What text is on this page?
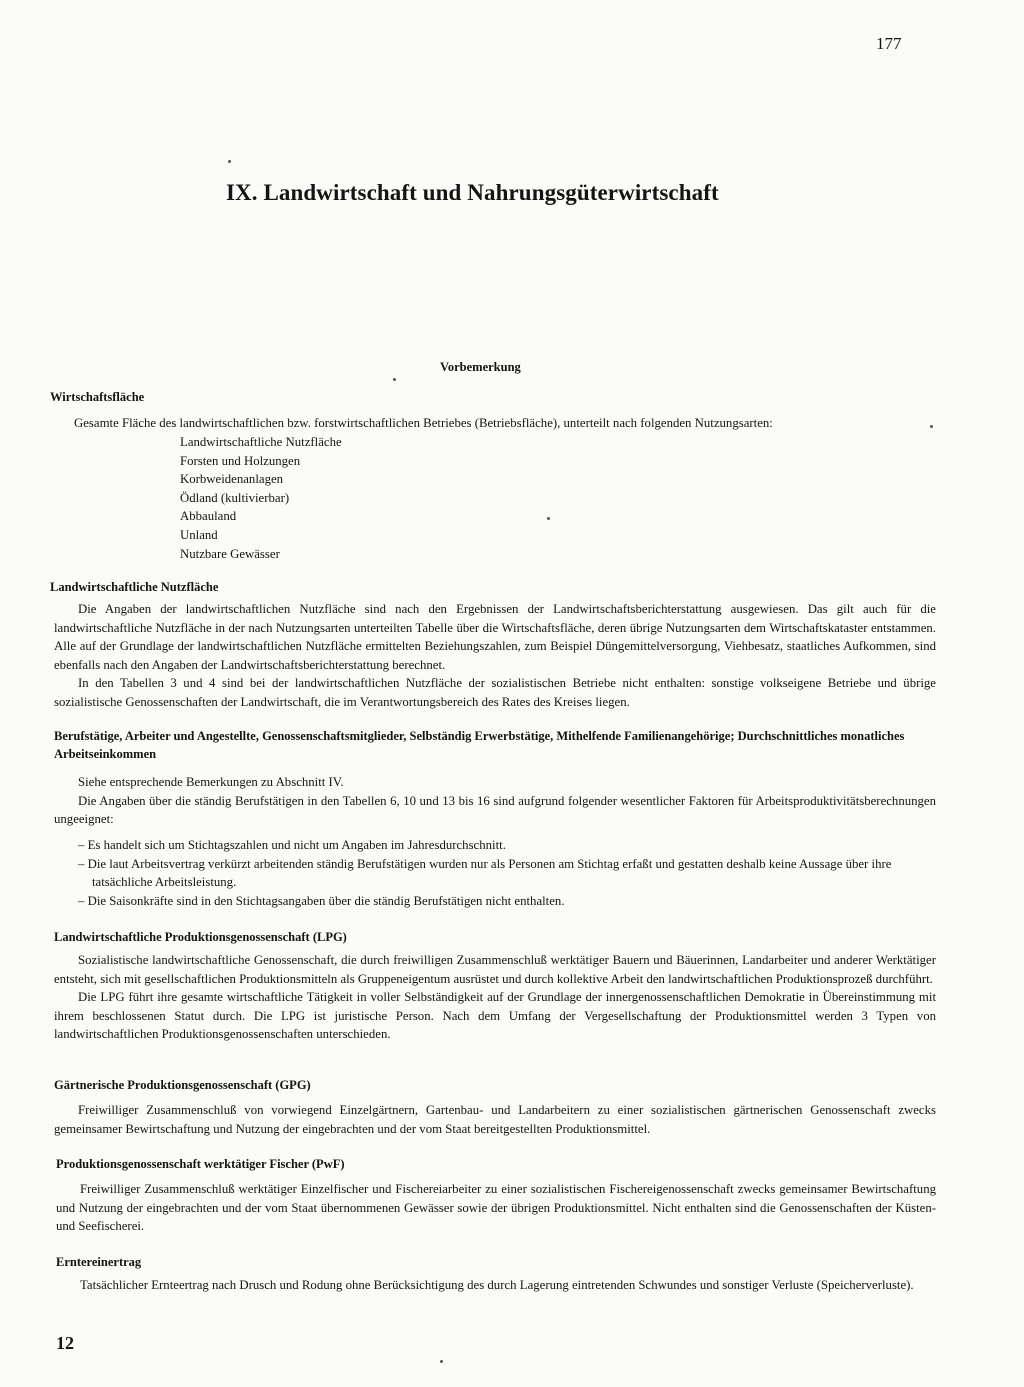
177
IX. Landwirtschaft und Nahrungsgüterwirtschaft
Vorbemerkung
Wirtschaftsfläche

Gesamte Fläche des landwirtschaftlichen bzw. forstwirtschaftlichen Betriebes (Betriebsfläche), unterteilt nach folgenden Nutzungsarten:

Landwirtschaftliche Nutzfläche
Forsten und Holzungen
Korbweidenanlagen
Ödland (kultivierbar)
Abbauland
Unland
Nutzbare Gewässer
Landwirtschaftliche Nutzfläche
Die Angaben der landwirtschaftlichen Nutzfläche sind nach den Ergebnissen der Landwirtschaftsberichterstattung ausgewiesen. Das gilt auch für die landwirtschaftliche Nutzfläche in der nach Nutzungsarten unterteilten Tabelle über die Wirtschaftsfläche, deren übrige Nutzungsarten dem Wirtschaftskataster entstammen. Alle auf der Grundlage der landwirtschaftlichen Nutzfläche ermittelten Beziehungszahlen, zum Beispiel Düngemittelversorgung, Viehbesatz, staatliches Aufkommen, sind ebenfalls nach den Angaben der Landwirtschaftsberichterstattung berechnet.
In den Tabellen 3 und 4 sind bei der landwirtschaftlichen Nutzfläche der sozialistischen Betriebe nicht enthalten: sonstige volkseigene Betriebe und übrige sozialistische Genossenschaften der Landwirtschaft, die im Verantwortungsbereich des Rates des Kreises liegen.
Berufstätige, Arbeiter und Angestellte, Genossenschaftsmitglieder, Selbständig Erwerbstätige, Mithelfende Familienangehörige; Durchschnittliches monatliches Arbeitseinkommen
Siehe entsprechende Bemerkungen zu Abschnitt IV.
Die Angaben über die ständig Berufstätigen in den Tabellen 6, 10 und 13 bis 16 sind aufgrund folgender wesentlicher Faktoren für Arbeitsproduktivitätsberechnungen ungeeignet:
– Es handelt sich um Stichtagszahlen und nicht um Angaben im Jahresdurchschnitt.
– Die laut Arbeitsvertrag verkürzt arbeitenden ständig Berufstätigen wurden nur als Personen am Stichtag erfaßt und gestatten deshalb keine Aussage über ihre tatsächliche Arbeitsleistung.
– Die Saisonkräfte sind in den Stichtagsangaben über die ständig Berufstätigen nicht enthalten.
Landwirtschaftliche Produktionsgenossenschaft (LPG)
Sozialistische landwirtschaftliche Genossenschaft, die durch freiwilligen Zusammenschluß werktätiger Bauern und Bäuerinnen, Landarbeiter und anderer Werktätiger entsteht, sich mit gesellschaftlichen Produktionsmitteln als Gruppeneigentum ausrüstet und durch kollektive Arbeit den landwirtschaftlichen Produktionsprozeß durchführt.
Die LPG führt ihre gesamte wirtschaftliche Tätigkeit in voller Selbständigkeit auf der Grundlage der innergenossenschaftlichen Demokratie in Übereinstimmung mit ihrem beschlossenen Statut durch. Die LPG ist juristische Person. Nach dem Umfang der Vergesellschaftung der Produktionsmittel werden 3 Typen von landwirtschaftlichen Produktionsgenossenschaften unterschieden.
Gärtnerische Produktionsgenossenschaft (GPG)
Freiwilliger Zusammenschluß von vorwiegend Einzelgärtnern, Gartenbau- und Landarbeitern zu einer sozialistischen gärtnerischen Genossenschaft zwecks gemeinsamer Bewirtschaftung und Nutzung der eingebrachten und der vom Staat bereitgestellten Produktionsmittel.
Produktionsgenossenschaft werktätiger Fischer (PwF)
Freiwilliger Zusammenschluß werktätiger Einzelfischer und Fischereiarbeiter zu einer sozialistischen Fischereigenossenschaft zwecks gemeinsamer Bewirtschaftung und Nutzung der eingebrachten und der vom Staat übernommenen Gewässer sowie der übrigen Produktionsmittel. Nicht enthalten sind die Genossenschaften der Küsten- und Seefischerei.
Erntereinertrag
Tatsächlicher Ernteertrag nach Drusch und Rodung ohne Berücksichtigung des durch Lagerung eintretenden Schwundes und sonstiger Verluste (Speicherverluste).
12
